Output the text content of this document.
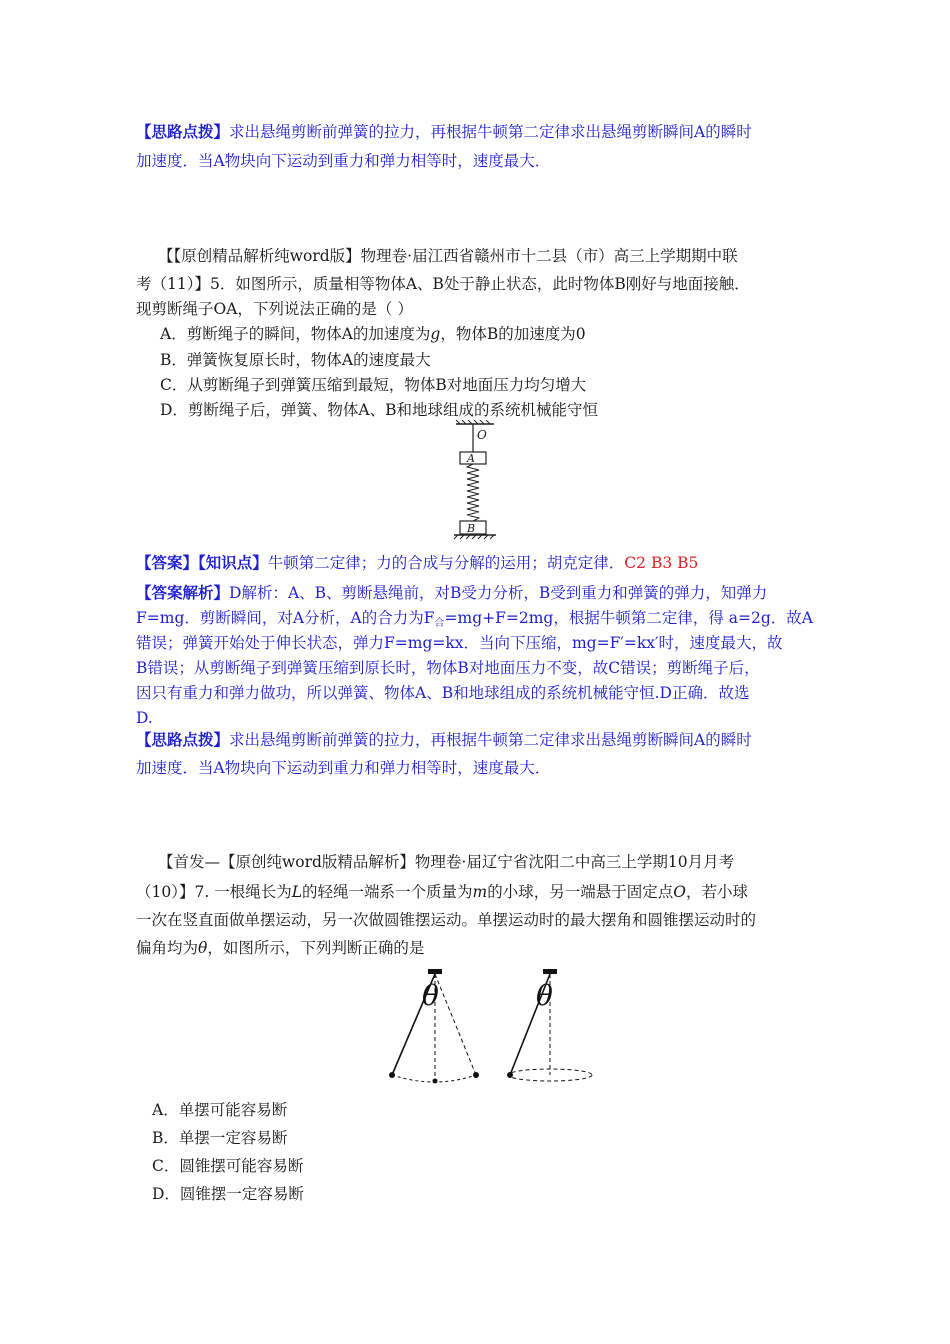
【思路点拨】求出悬绳剪断前弹簧的拉力，再根据牛顿第二定律求出悬绳剪断瞬间A的瞬时
加速度．当A物块向下运动到重力和弹力相等时，速度最大．
【【原创精品解析纯word版】物理卷·届江西省赣州市十二县（市）高三上学期期中联
考（11）】5．如图所示，质量相等物体A、B处于静止状态，此时物体B刚好与地面接触．
现剪断绳子OA，下列说法正确的是（ ）
A．剪断绳子的瞬间，物体A的加速度为g，物体B的加速度为0
B．弹簧恢复原长时，物体A的速度最大
C．从剪断绳子到弹簧压缩到最短，物体B对地面压力均匀增大
D．剪断绳子后，弹簧、物体A、B和地球组成的系统机械能守恒
O
A
B
【答案】【知识点】牛顿第二定律；力的合成与分解的运用；胡克定律．C2 B3 B5
【答案解析】D解析：A、B、剪断悬绳前，对B受力分析，B受到重力和弹簧的弹力，知弹力
F=mg．剪断瞬间，对A分析，A的合力为$F_合=mg+F=2mg$，根据牛顿第二定律，得 a=2g．故A
错误；弹簧开始处于伸长状态，弹力F=mg=kx．当向下压缩，mg=F′=kx′时，速度最大，故
B错误；从剪断绳子到弹簧压缩到原长时，物体B对地面压力不变，故C错误；剪断绳子后，
因只有重力和弹力做功，所以弹簧、物体A、B和地球组成的系统机械能守恒.D正确．故选
D.
【思路点拨】求出悬绳剪断前弹簧的拉力，再根据牛顿第二定律求出悬绳剪断瞬间A的瞬时
加速度．当A物块向下运动到重力和弹力相等时，速度最大．
【首发—【原创纯word版精品解析】物理卷·届辽宁省沈阳二中高三上学期10月月考
（10）】7. 一根绳长为L的轻绳一端系一个质量为m的小球，另一端悬于固定点O，若小球
一次在竖直面做单摆运动，另一次做圆锥摆运动。单摆运动时的最大摆角和圆锥摆运动时的
偏角均为θ，如图所示，下列判断正确的是
θ	θ
A．单摆可能容易断
B．单摆一定容易断
C．圆锥摆可能容易断
D．圆锥摆一定容易断
